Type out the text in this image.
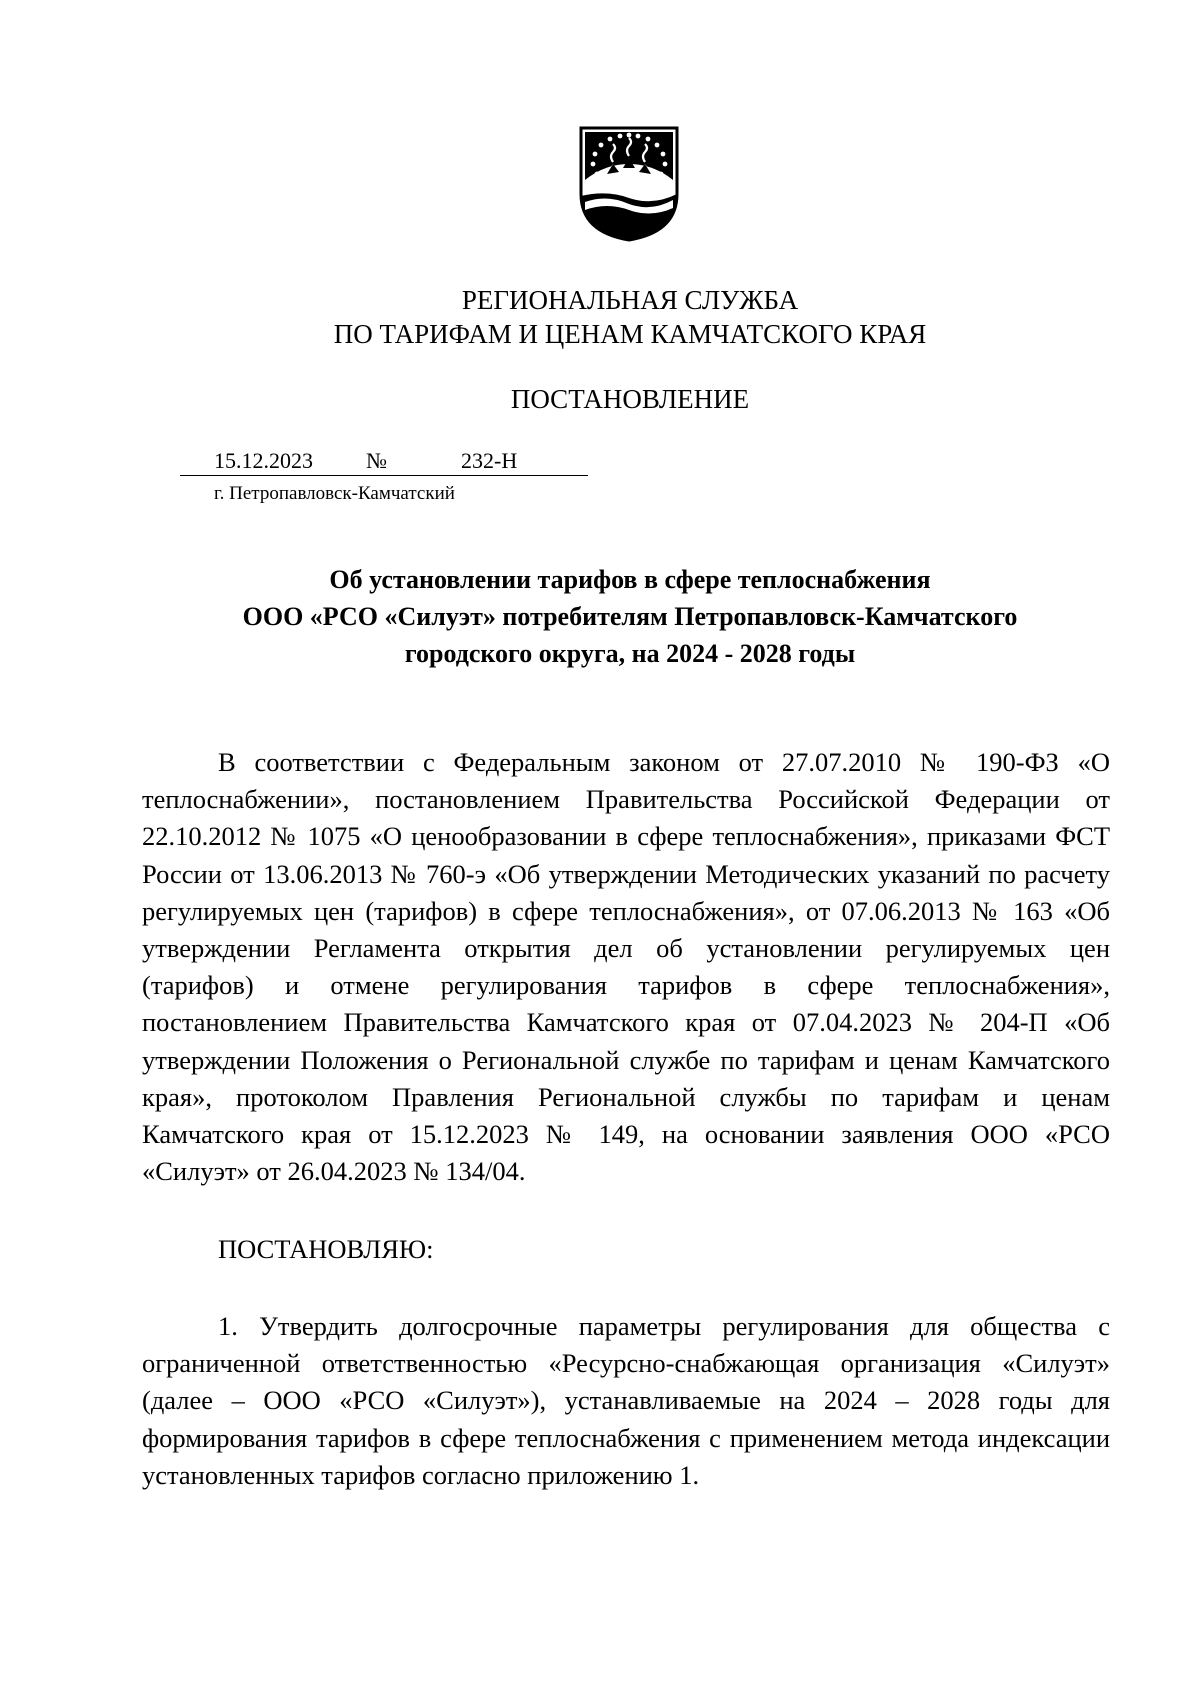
РЕГИОНАЛЬНАЯ СЛУЖБА
ПО ТАРИФАМ И ЦЕНАМ КАМЧАТСКОГО КРАЯ
ПОСТАНОВЛЕНИЕ
15.12.2023 №	232-Н
г. Петропавловск-Камчатский
Об установлении тарифов в сфере теплоснабжения
ООО «РСО «Силуэт» потребителям Петропавловск-Камчатского
городского округа, на 2024 - 2028 годы

В соответствии с Федеральным законом от 27.07.2010 № 190-ФЗ «О теплоснабжении», постановлением Правительства Российской Федерации от 22.10.2012 № 1075 «О ценообразовании в сфере теплоснабжения», приказами ФСТ России от 13.06.2013 № 760-э «Об утверждении Методических указаний по расчету регулируемых цен (тарифов) в сфере теплоснабжения», от 07.06.2013 № 163 «Об утверждении Регламента открытия дел об установлении регулируемых цен (тарифов) и отмене регулирования тарифов в сфере теплоснабжения», постановлением Правительства Камчатского края от 07.04.2023 № 204-П «Об утверждении Положения о Региональной службе по тарифам и ценам Камчатского края», протоколом Правления Региональной службы по тарифам и ценам Камчатского края от 15.12.2023 № 149, на основании заявления ООО «РСО «Силуэт» от 26.04.2023 № 134/04.

ПОСТАНОВЛЯЮ:

1. Утвердить долгосрочные параметры регулирования для общества с ограниченной ответственностью «Ресурсно-снабжающая организация «Силуэт» (далее – ООО «РСО «Силуэт»), устанавливаемые на 2024 – 2028 годы для формирования тарифов в сфере теплоснабжения с применением метода индексации установленных тарифов согласно приложению 1.
